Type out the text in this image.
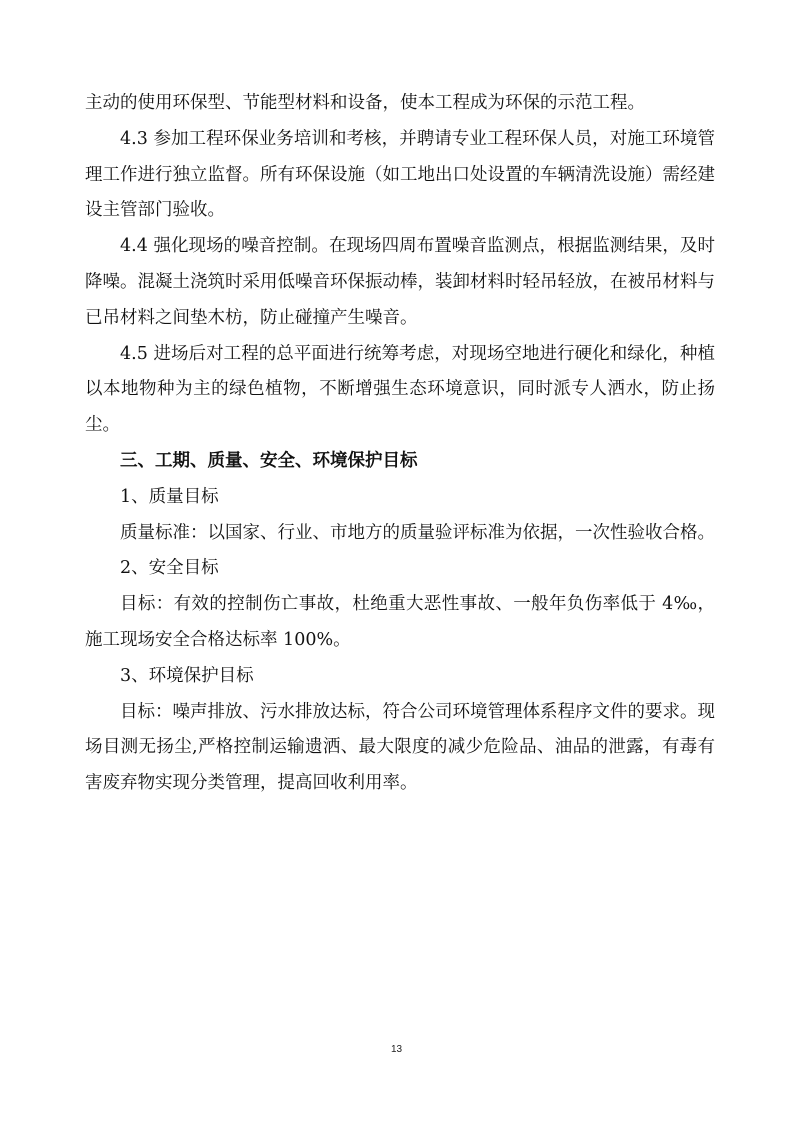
主动的使用环保型、节能型材料和设备，使本工程成为环保的示范工程。

4.3 参加工程环保业务培训和考核，并聘请专业工程环保人员，对施工环境管理工作进行独立监督。所有环保设施（如工地出口处设置的车辆清洗设施）需经建设主管部门验收。

4.4 强化现场的噪音控制。在现场四周布置噪音监测点，根据监测结果，及时降噪。混凝土浇筑时采用低噪音环保振动棒，装卸材料时轻吊轻放，在被吊材料与已吊材料之间垫木枋，防止碰撞产生噪音。

4.5 进场后对工程的总平面进行统筹考虑，对现场空地进行硬化和绿化，种植以本地物种为主的绿色植物，不断增强生态环境意识，同时派专人洒水，防止扬尘。

三、工期、质量、安全、环境保护目标

1、质量目标

质量标准：以国家、行业、市地方的质量验评标准为依据，一次性验收合格。

2、安全目标

目标：有效的控制伤亡事故，杜绝重大恶性事故、一般年负伤率低于 4‰，施工现场安全合格达标率 100%。

3、环境保护目标

目标：噪声排放、污水排放达标，符合公司环境管理体系程序文件的要求。现场目测无扬尘,严格控制运输遗洒、最大限度的减少危险品、油品的泄露，有毒有害废弃物实现分类管理，提高回收利用率。

13
